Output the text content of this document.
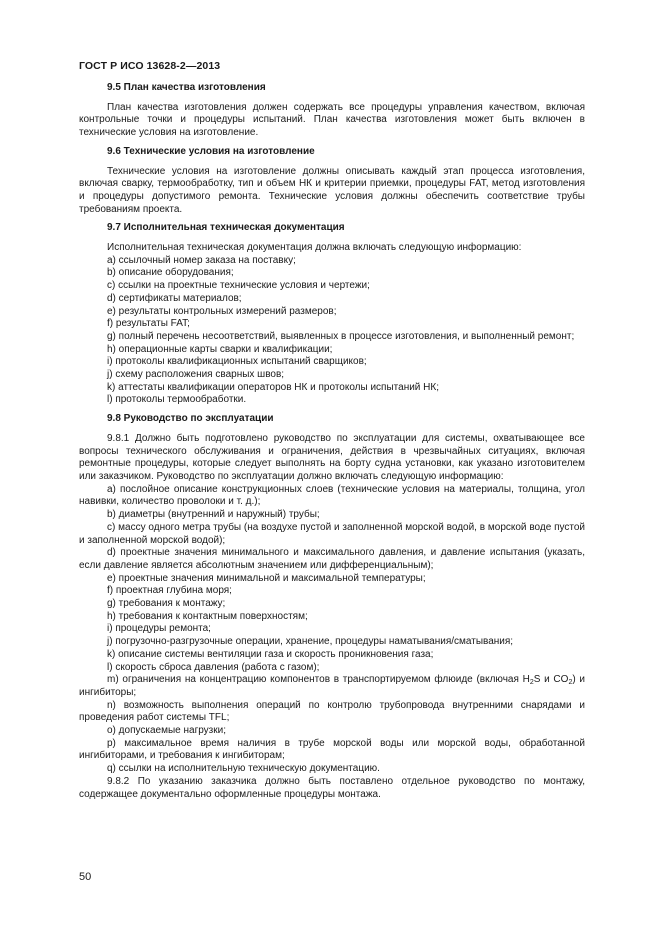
ГОСТ Р ИСО 13628-2—2013

9.5 План качества изготовления

План качества изготовления должен содержать все процедуры управления качеством, включая контрольные точки и процедуры испытаний. План качества изготовления может быть включен в технические условия на изготовление.

9.6 Технические условия на изготовление

Технические условия на изготовление должны описывать каждый этап процесса изготовления, включая сварку, термообработку, тип и объем НК и критерии приемки, процедуры FAT, метод изготовления и процедуры допустимого ремонта. Технические условия должны обеспечить соответствие трубы требованиям проекта.

9.7 Исполнительная техническая документация

Исполнительная техническая документация должна включать следующую информацию:

a) ссылочный номер заказа на поставку;

b) описание оборудования;

c) ссылки на проектные технические условия и чертежи;

d) сертификаты материалов;

e) результаты контрольных измерений размеров;

f) результаты FAT;

g) полный перечень несоответствий, выявленных в процессе изготовления, и выполненный ремонт;

h) операционные карты сварки и квалификации;

i) протоколы квалификационных испытаний сварщиков;

j) схему расположения сварных швов;

k) аттестаты квалификации операторов НК и протоколы испытаний НК;

l) протоколы термообработки.

9.8 Руководство по эксплуатации

9.8.1 Должно быть подготовлено руководство по эксплуатации для системы, охватывающее все вопросы технического обслуживания и ограничения, действия в чрезвычайных ситуациях, включая ремонтные процедуры, которые следует выполнять на борту судна установки, как указано изготовителем или заказчиком. Руководство по эксплуатации должно включать следующую информацию:

a) послойное описание конструкционных слоев (технические условия на материалы, толщина, угол навивки, количество проволоки и т. д.);

b) диаметры (внутренний и наружный) трубы;

c) массу одного метра трубы (на воздухе пустой и заполненной морской водой, в морской воде пустой и заполненной морской водой);

d) проектные значения минимального и максимального давления, и давление испытания (указать, если давление является абсолютным значением или дифференциальным);

e) проектные значения минимальной и максимальной температуры;

f) проектная глубина моря;

g) требования к монтажу;

h) требования к контактным поверхностям;

i) процедуры ремонта;

j) погрузочно-разгрузочные операции, хранение, процедуры наматывания/сматывания;

k) описание системы вентиляции газа и скорость проникновения газа;

l) скорость сброса давления (работа с газом);

m) ограничения на концентрацию компонентов в транспортируемом флюиде (включая $H_2S$ и $CO_2$) и ингибиторы;

n) возможность выполнения операций по контролю трубопровода внутренними снарядами и проведения работ системы TFL;

o) допускаемые нагрузки;

p) максимальное время наличия в трубе морской воды или морской воды, обработанной ингибиторами, и требования к ингибиторам;

q) ссылки на исполнительную техническую документацию.

9.8.2 По указанию заказчика должно быть поставлено отдельное руководство по монтажу, содержащее документально оформленные процедуры монтажа.

50
